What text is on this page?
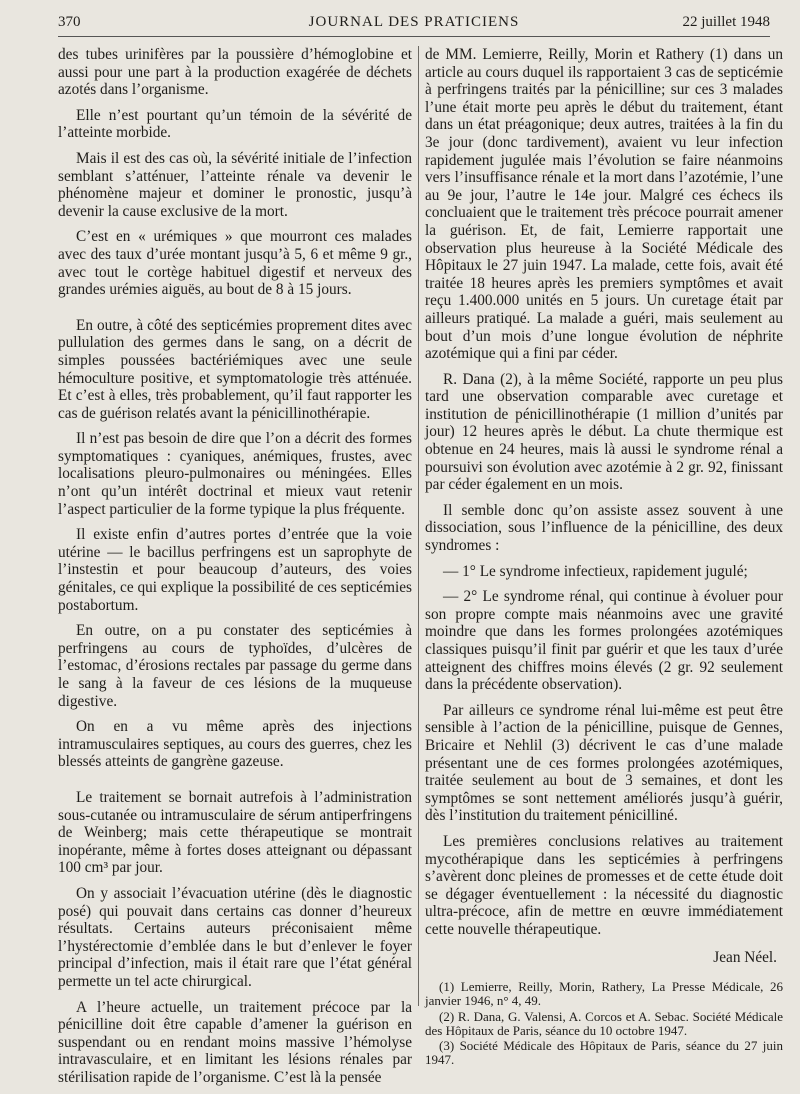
370	JOURNAL DES PRATICIENS	22 juillet 1948

des tubes urinifères par la poussière d’hémoglobine et aussi pour une part à la production exagérée de déchets azotés dans l’organisme.

Elle n’est pourtant qu’un témoin de la sévérité de l’atteinte morbide.

Mais il est des cas où, la sévérité initiale de l’infection semblant s’atténuer, l’atteinte rénale va devenir le phénomène majeur et dominer le pronostic, jusqu’à devenir la cause exclusive de la mort.

C’est en « urémiques » que mourront ces malades avec des taux d’urée montant jusqu’à 5, 6 et même 9 gr., avec tout le cortège habituel digestif et nerveux des grandes urémies aiguës, au bout de 8 à 15 jours.

En outre, à côté des septicémies proprement dites avec pullulation des germes dans le sang, on a décrit de simples poussées bactériémiques avec une seule hémoculture positive, et symptomatologie très atténuée. Et c’est à elles, très probablement, qu’il faut rapporter les cas de guérison relatés avant la pénicillinothérapie.

Il n’est pas besoin de dire que l’on a décrit des formes symptomatiques : cyaniques, anémiques, frustes, avec localisations pleuro-pulmonaires ou méningées. Elles n’ont qu’un intérêt doctrinal et mieux vaut retenir l’aspect particulier de la forme typique la plus fréquente.

Il existe enfin d’autres portes d’entrée que la voie utérine — le bacillus perfringens est un saprophyte de l’instestin et pour beaucoup d’auteurs, des voies génitales, ce qui explique la possibilité de ces septicémies postabortum.

En outre, on a pu constater des septicémies à perfringens au cours de typhoïdes, d’ulcères de l’estomac, d’érosions rectales par passage du germe dans le sang à la faveur de ces lésions de la muqueuse digestive.

On en a vu même après des injections intramusculaires septiques, au cours des guerres, chez les blessés atteints de gangrène gazeuse.

Le traitement se bornait autrefois à l’administration sous-cutanée ou intramusculaire de sérum antiperfringens de Weinberg; mais cette thérapeutique se montrait inopérante, même à fortes doses atteignant ou dépassant 100 cm³ par jour.

On y associait l’évacuation utérine (dès le diagnostic posé) qui pouvait dans certains cas donner d’heureux résultats. Certains auteurs préconisaient même l’hystérectomie d’emblée dans le but d’enlever le foyer principal d’infection, mais il était rare que l’état général permette un tel acte chirurgical.

A l’heure actuelle, un traitement précoce par la pénicilline doit être capable d’amener la guérison en suspendant ou en rendant moins massive l’hémolyse intravasculaire, et en limitant les lésions rénales par stérilisation rapide de l’organisme. C’est là la pensée

de MM. Lemierre, Reilly, Morin et Rathery (1) dans un article au cours duquel ils rapportaient 3 cas de septicémie à perfringens traités par la pénicilline; sur ces 3 malades l’une était morte peu après le début du traitement, étant dans un état préagonique; deux autres, traitées à la fin du 3e jour (donc tardivement), avaient vu leur infection rapidement jugulée mais l’évolution se faire néanmoins vers l’insuffisance rénale et la mort dans l’azotémie, l’une au 9e jour, l’autre le 14e jour. Malgré ces échecs ils concluaient que le traitement très précoce pourrait amener la guérison. Et, de fait, Lemierre rapportait une observation plus heureuse à la Société Médicale des Hôpitaux le 27 juin 1947. La malade, cette fois, avait été traitée 18 heures après les premiers symptômes et avait reçu 1.400.000 unités en 5 jours. Un curetage était par ailleurs pratiqué. La malade a guéri, mais seulement au bout d’un mois d’une longue évolution de néphrite azotémique qui a fini par céder.

R. Dana (2), à la même Société, rapporte un peu plus tard une observation comparable avec curetage et institution de pénicillinothérapie (1 million d’unités par jour) 12 heures après le début. La chute thermique est obtenue en 24 heures, mais là aussi le syndrome rénal a poursuivi son évolution avec azotémie à 2 gr. 92, finissant par céder également en un mois.

Il semble donc qu’on assiste assez souvent à une dissociation, sous l’influence de la pénicilline, des deux syndromes :

— 1° Le syndrome infectieux, rapidement jugulé;

— 2° Le syndrome rénal, qui continue à évoluer pour son propre compte mais néanmoins avec une gravité moindre que dans les formes prolongées azotémiques classiques puisqu’il finit par guérir et que les taux d’urée atteignent des chiffres moins élevés (2 gr. 92 seulement dans la précédente observation).

Par ailleurs ce syndrome rénal lui-même est peut être sensible à l’action de la pénicilline, puisque de Gennes, Bricaire et Nehlil (3) décrivent le cas d’une malade présentant une de ces formes prolongées azotémiques, traitée seulement au bout de 3 semaines, et dont les symptômes se sont nettement améliorés jusqu’à guérir, dès l’institution du traitement pénicilliné.

Les premières conclusions relatives au traitement mycothérapique dans les septicémies à perfringens s’avèrent donc pleines de promesses et de cette étude doit se dégager éventuellement : la nécessité du diagnostic ultra-précoce, afin de mettre en œuvre immédiatement cette nouvelle thérapeutique.

Jean Néel.

(1) Lemierre, Reilly, Morin, Rathery, La Presse Médicale, 26 janvier 1946, n° 4, 49.

(2) R. Dana, G. Valensi, A. Corcos et A. Sebac. Société Médicale des Hôpitaux de Paris, séance du 10 octobre 1947.

(3) Société Médicale des Hôpitaux de Paris, séance du 27 juin 1947.
